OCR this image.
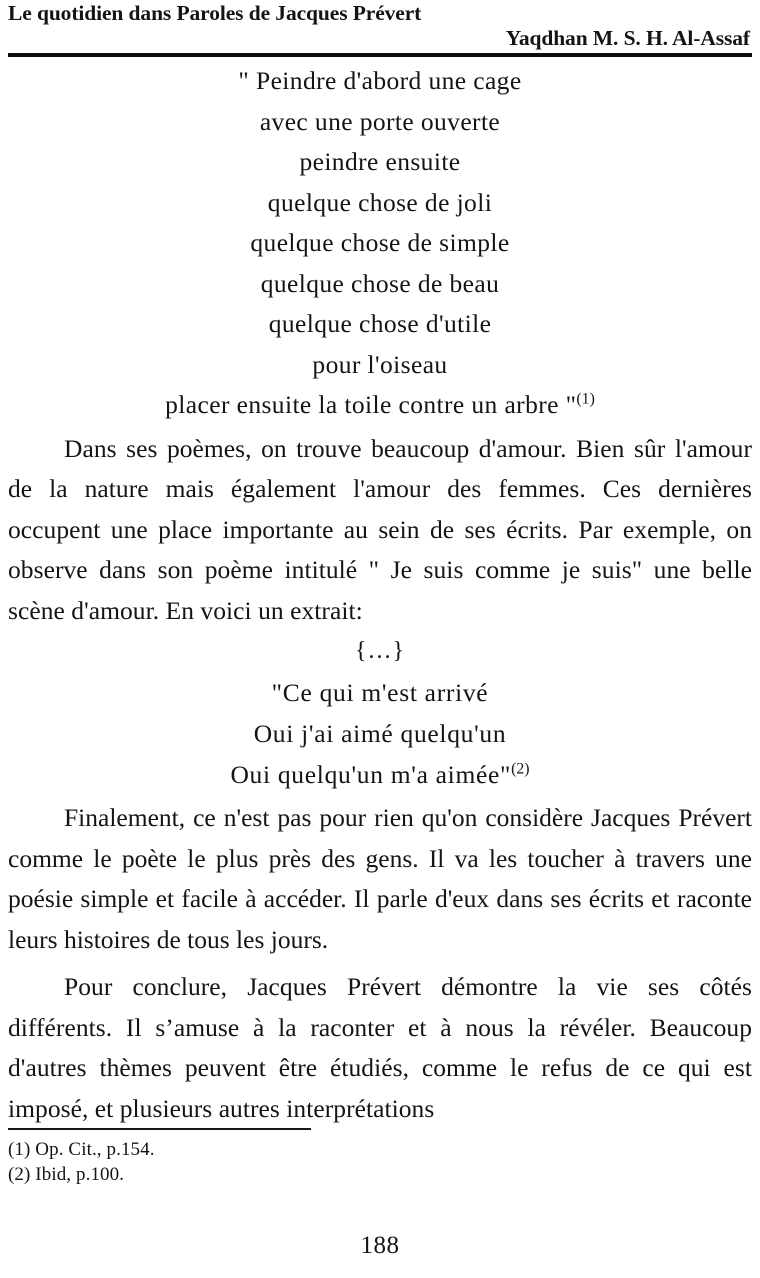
Le quotidien dans Paroles de Jacques Prévert
Yaqdhan M. S. H. Al-Assaf
" Peindre d'abord une cage
avec une porte ouverte
peindre ensuite
quelque chose de joli
quelque chose de simple
quelque chose de beau
quelque chose d'utile
pour l'oiseau
placer ensuite la toile contre un arbre "$^{(1)}$

Dans ses poèmes, on trouve beaucoup d'amour. Bien sûr l'amour de la nature mais également l'amour des femmes. Ces dernières occupent une place importante au sein de ses écrits. Par exemple, on observe dans son poème intitulé " Je suis comme je suis" une belle scène d'amour. En voici un extrait:

{…}
"Ce qui m'est arrivé
Oui j'ai aimé quelqu'un
Oui quelqu'un m'a aimée"$^{(2)}$

Finalement, ce n'est pas pour rien qu'on considère Jacques Prévert comme le poète le plus près des gens. Il va les toucher à travers une poésie simple et facile à accéder. Il parle d'eux dans ses écrits et raconte leurs histoires de tous les jours.

Pour conclure, Jacques Prévert démontre la vie ses côtés différents. Il s’amuse à la raconter et à nous la révéler. Beaucoup d'autres thèmes peuvent être étudiés, comme le refus de ce qui est imposé, et plusieurs autres interprétations

(1) Op. Cit., p.154.
(2) Ibid, p.100.
188
